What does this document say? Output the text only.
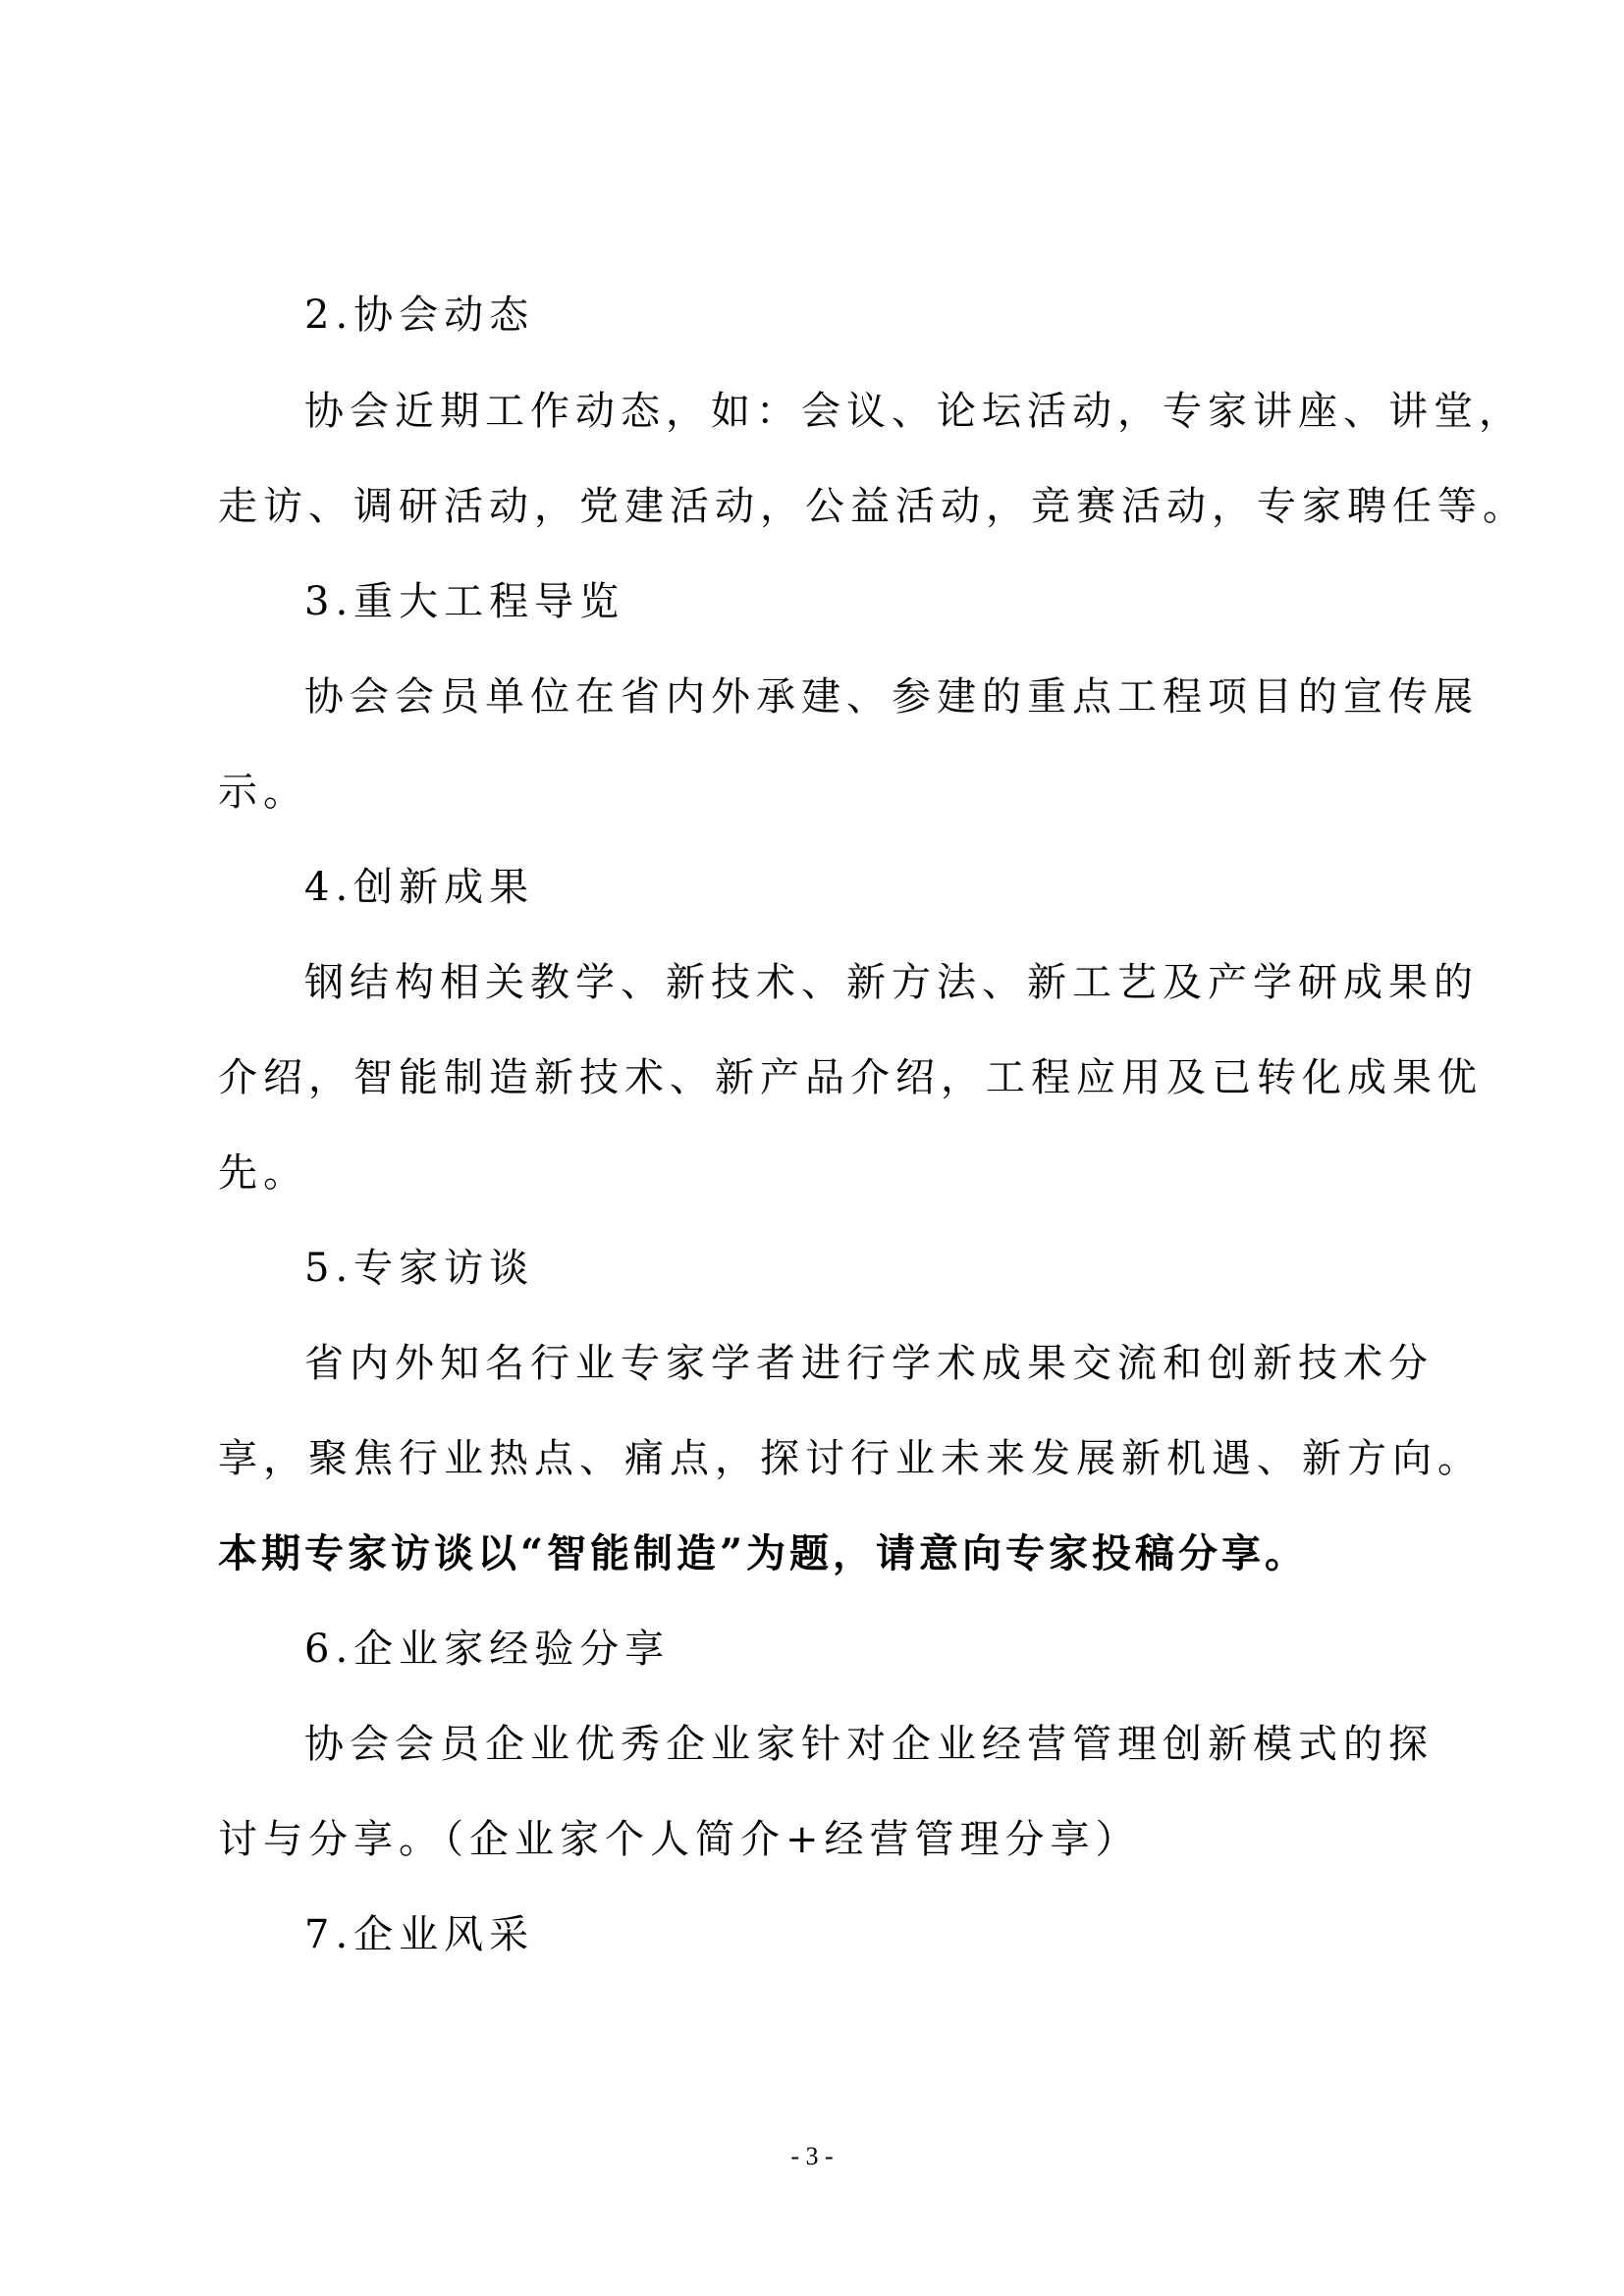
2.协会动态
协会近期工作动态，如：会议、论坛活动，专家讲座、讲堂，
走访、调研活动，党建活动，公益活动，竞赛活动，专家聘任等。
3.重大工程导览
协会会员单位在省内外承建、参建的重点工程项目的宣传展
示。
4.创新成果
钢结构相关教学、新技术、新方法、新工艺及产学研成果的
介绍，智能制造新技术、新产品介绍，工程应用及已转化成果优
先。
5.专家访谈
省内外知名行业专家学者进行学术成果交流和创新技术分
享，聚焦行业热点、痛点，探讨行业未来发展新机遇、新方向。
本期专家访谈以“智能制造”为题，请意向专家投稿分享。
6.企业家经验分享
协会会员企业优秀企业家针对企业经营管理创新模式的探
讨与分享。（企业家个人简介+经营管理分享）
7.企业风采
- 3 -
